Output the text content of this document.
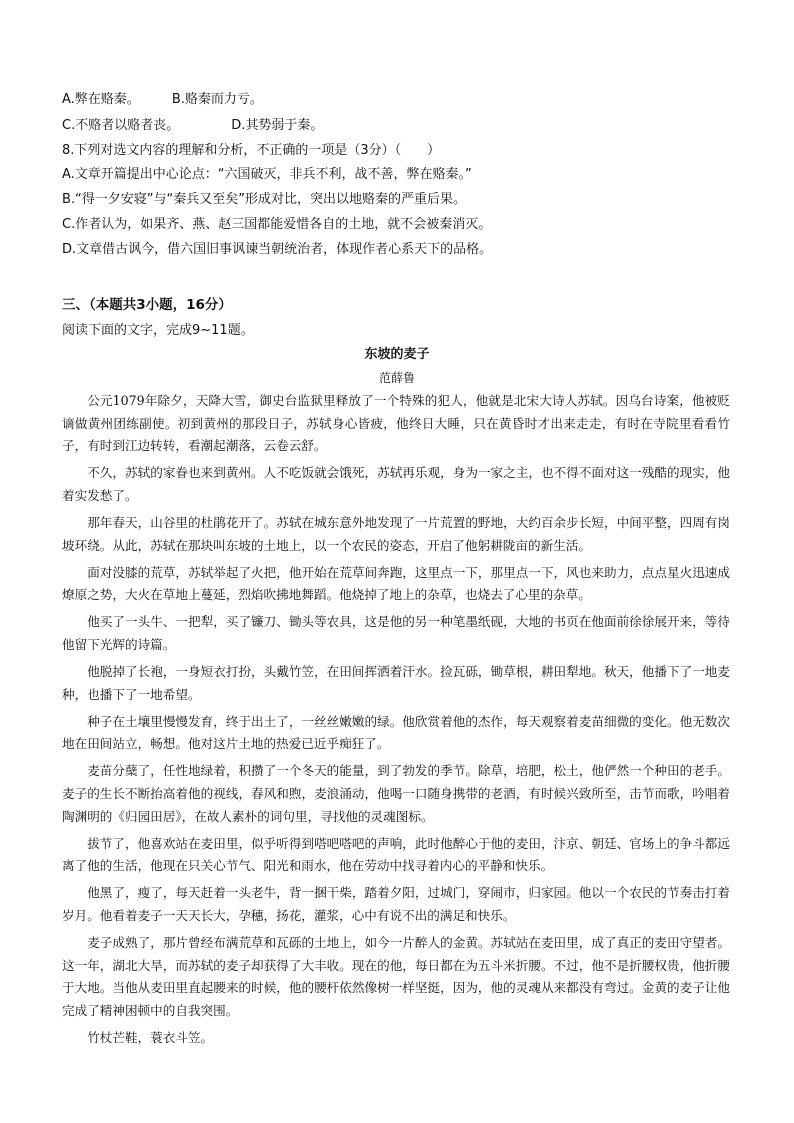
A.弊在赂秦。 B.赂秦而力亏。
C.不赂者以赂者丧。	D.其势弱于秦。
8.下列对选文内容的理解和分析，不正确的一项是（3分）（　　）
A.文章开篇提出中心论点：“六国破灭，非兵不利，战不善，弊在赂秦。”
B.“得一夕安寝”与“秦兵又至矣”形成对比，突出以地赂秦的严重后果。
C.作者认为，如果齐、燕、赵三国都能爱惜各自的土地，就不会被秦消灭。
D.文章借古讽今，借六国旧事讽谏当朝统治者，体现作者心系天下的品格。
三、（本题共3小题，16分）
阅读下面的文字，完成9~11题。
东坡的麦子
范薛鲁

公元1079年除夕，天降大雪，御史台监狱里释放了一个特殊的犯人，他就是北宋大诗人苏轼。因乌台诗案，他被贬谪做黄州团练副使。初到黄州的那段日子，苏轼身心皆疲，他终日大睡，只在黄昏时才出来走走，有时在寺院里看看竹子，有时到江边转转，看潮起潮落，云卷云舒。

不久，苏轼的家眷也来到黄州。人不吃饭就会饿死，苏轼再乐观，身为一家之主，也不得不面对这一残酷的现实，他着实发愁了。

那年春天，山谷里的杜鹃花开了。苏轼在城东意外地发现了一片荒置的野地，大约百余步长短，中间平整，四周有岗坡环绕。从此，苏轼在那块叫东坡的土地上，以一个农民的姿态，开启了他躬耕陇亩的新生活。

面对没膝的荒草，苏轼举起了火把，他开始在荒草间奔跑，这里点一下，那里点一下，风也来助力，点点星火迅速成燎原之势，大火在草地上蔓延，烈焰吹拂地舞蹈。他烧掉了地上的杂草，也烧去了心里的杂草。

他买了一头牛、一把犁，买了镰刀、锄头等农具，这是他的另一种笔墨纸砚，大地的书页在他面前徐徐展开来，等待他留下光辉的诗篇。

他脱掉了长袍，一身短衣打扮，头戴竹笠，在田间挥洒着汗水。捡瓦砾，锄草根，耕田犁地。秋天，他播下了一地麦种，也播下了一地希望。

种子在土壤里慢慢发育，终于出土了，一丝丝嫩嫩的绿。他欣赏着他的杰作，每天观察着麦苗细微的变化。他无数次地在田间站立，畅想。他对这片土地的热爱已近乎痴狂了。

麦苗分蘖了，任性地绿着，积攒了一个冬天的能量，到了勃发的季节。除草，培肥，松土，他俨然一个种田的老手。麦子的生长不断抬高着他的视线，春风和煦，麦浪涌动，他喝一口随身携带的老酒，有时候兴致所至，击节而歌，吟唱着陶渊明的《归园田居》，在故人素朴的词句里，寻找他的灵魂图标。

拔节了，他喜欢站在麦田里，似乎听得到嗒吧嗒吧的声响，此时他醉心于他的麦田，汴京、朝廷、官场上的争斗都远离了他的生活，他现在只关心节气、阳光和雨水，他在劳动中找寻着内心的平静和快乐。

他黑了，瘦了，每天赶着一头老牛，背一捆干柴，踏着夕阳，过城门，穿闹市，归家园。他以一个农民的节奏击打着岁月。他看着麦子一天天长大，孕穗，扬花，灌浆，心中有说不出的满足和快乐。

麦子成熟了，那片曾经布满荒草和瓦砾的土地上，如今一片醉人的金黄。苏轼站在麦田里，成了真正的麦田守望者。这一年，湖北大旱，而苏轼的麦子却获得了大丰收。现在的他，每日都在为五斗米折腰。不过，他不是折腰权贵，他折腰于大地。当他从麦田里直起腰来的时候，他的腰杆依然像树一样坚挺，因为，他的灵魂从来都没有弯过。金黄的麦子让他完成了精神困顿中的自我突围。

竹杖芒鞋，蓑衣斗笠。
